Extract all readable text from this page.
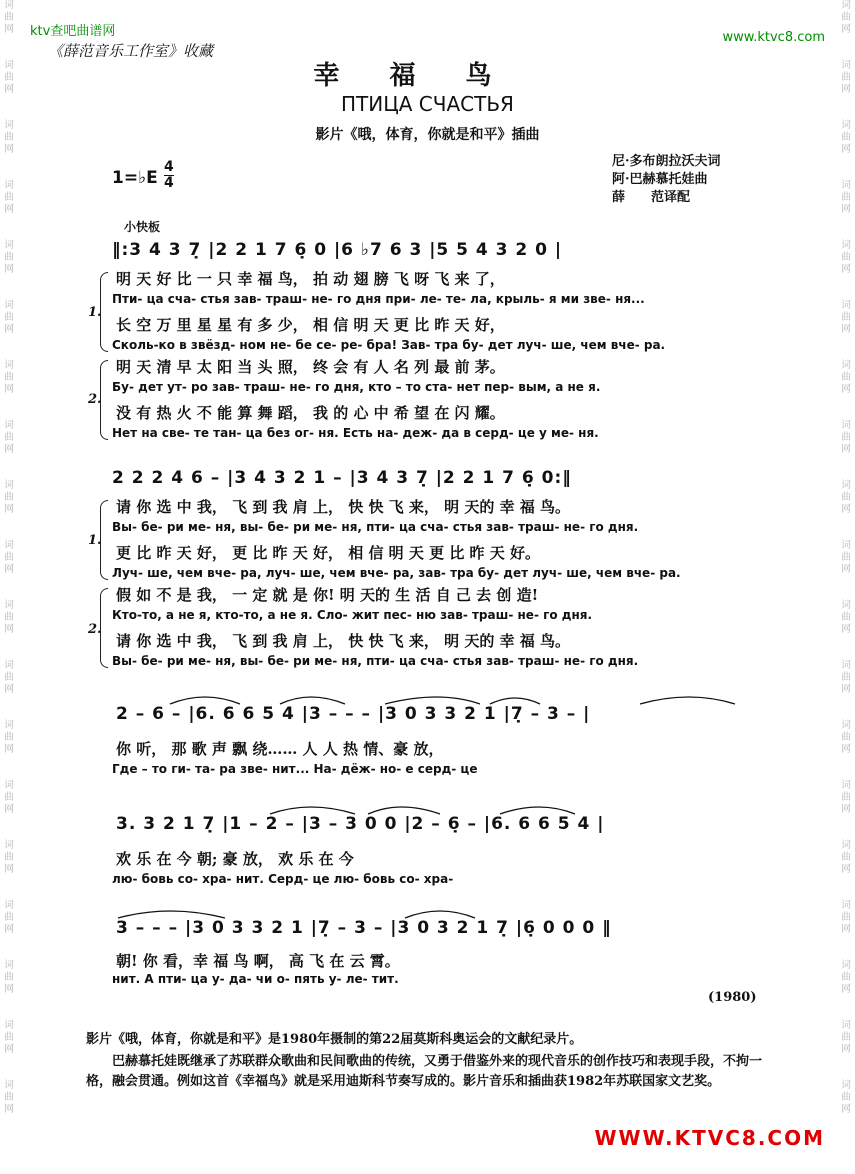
词曲网
词曲网
词曲网
词曲网
词曲网
词曲网
词曲网
词曲网
词曲网
词曲网
词曲网
词曲网
词曲网
词曲网
词曲网
词曲网
词曲网
词曲网
词曲网
词曲网
词曲网
词曲网
词曲网
词曲网
词曲网
词曲网
词曲网
词曲网
词曲网
词曲网
词曲网
词曲网
词曲网
词曲网
词曲网
词曲网
词曲网
词曲网
ktv查吧曲谱网	www.ktvc8.com
《薛范音乐工作室》收藏
幸福鸟
ПТИЦА СЧАСТЬЯ
影片《哦，体育，你就是和平》插曲
尼·多布朗拉沃夫词
阿·巴赫慕托娃曲
薛　　范译配
1=♭E
4
4
小快板
‖:3 4 3 7̣ |2 2 1 7 6̣ 0 |6 ♭7 6 3 |5 5 4 3 2 0 |
1.
明 天 好 比 一 只 幸 福 鸟， 拍 动 翅 膀 飞 呀 飞 来 了，
Пти- ца сча- стья зав- траш- не- го дня при- ле- те- ла, крыль- я ми зве- ня...
长 空 万 里 星 星 有 多 少， 相 信 明 天 更 比 昨 天 好，
Сколь-ко в звёзд- ном не- бе се- ре- бра! Зав- тра бу- дет луч- ше, чем вче- ра.
2.
明 天 清 早 太 阳 当 头 照， 终 会 有 人 名 列 最 前 茅。
Бу- дет ут- ро зав- траш- не- го дня, кто – то ста- нет пер- вым, а не я.
没 有 热 火 不 能 算 舞 蹈， 我 的 心 中 希 望 在 闪 耀。
Нет на све- те тан- ца без ог- ня. Есть на- деж- да в серд- це у ме- ня.
2 2 2 4 6 – |3 4 3 2 1 – |3 4 3 7̣ |2 2 1 7 6̣ 0:‖
1.
请 你 选 中 我， 飞 到 我 肩 上， 快 快 飞 来， 明 天的 幸 福 鸟。
Вы- бе- ри ме- ня, вы- бе- ри ме- ня, пти- ца сча- стья зав- траш- не- го дня.
更 比 昨 天 好， 更 比 昨 天 好， 相 信 明 天 更 比 昨 天 好。
Луч- ше, чем вче- ра, луч- ше, чем вче- ра, зав- тра бу- дет луч- ше, чем вче- ра.
2.
假 如 不 是 我， 一 定 就 是 你! 明 天的 生 活 自 己 去 创 造!
Кто-то, а не я, кто-то, а не я. Сло- жит пес- ню зав- траш- не- го дня.
请 你 选 中 我， 飞 到 我 肩 上， 快 快 飞 来， 明 天的 幸 福 鸟。
Вы- бе- ри ме- ня, вы- бе- ри ме- ня, пти- ца сча- стья зав- траш- не- го дня.
2 – 6 – |6. 6 6 5 4 |3 – – – |3 0 3 3 2 1 |7̣ – 3 – |
你 听， 那 歌 声 飘 绕…… 人 人 热 情、豪 放，
Где – то ги- та- ра зве- нит... На- дёж- но- е серд- це
3. 3 2 1 7̣ |1 – 2 – |3 – 3 0 0 |2 – 6̣ – |6. 6 6 5 4 |
欢 乐 在 今 朝; 豪 放， 欢 乐 在 今
лю- бовь со- хра- нит. Серд- це лю- бовь со- хра-
3 – – – |3 0 3 3 2 1 |7̣ – 3 – |3 0 3 2 1 7̣ |6̣ 0 0 0 ‖
朝! 你 看，幸 福 鸟 啊， 高 飞 在 云 霄。
нит. А пти- ца у- да- чи о- пять у- ле- тит.
(1980)
影片《哦，体育，你就是和平》是1980年摄制的第22届莫斯科奥运会的文献纪录片。
巴赫慕托娃既继承了苏联群众歌曲和民间歌曲的传统，又勇于借鉴外来的现代音乐的创作技巧和表现手段，不拘一格，融会贯通。例如这首《幸福鸟》就是采用迪斯科节奏写成的。影片音乐和插曲获1982年苏联国家文艺奖。
WWW.KTVC8.COM
